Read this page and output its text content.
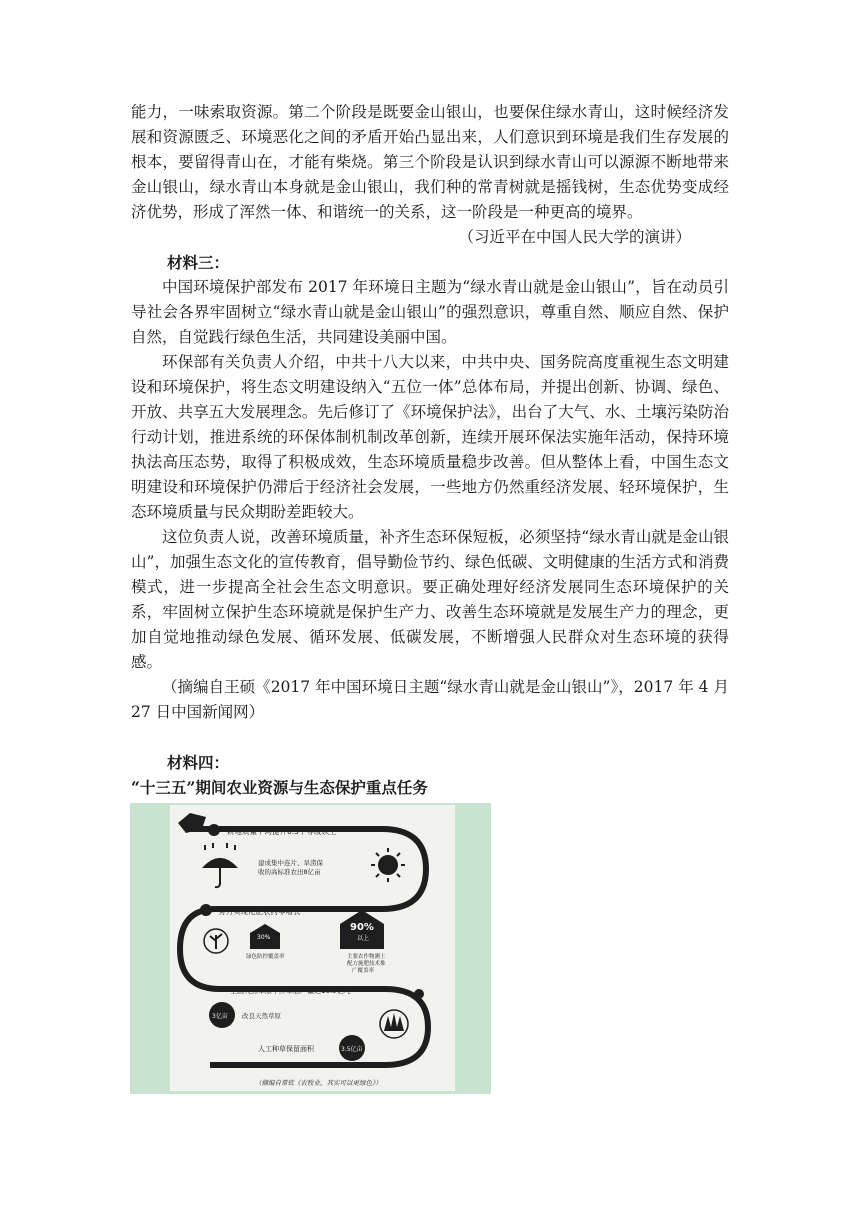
能力，一味索取资源。第二个阶段是既要金山银山，也要保住绿水青山，这时候经济发展和资源匮乏、环境恶化之间的矛盾开始凸显出来，人们意识到环境是我们生存发展的根本，要留得青山在，才能有柴烧。第三个阶段是认识到绿水青山可以源源不断地带来金山银山，绿水青山本身就是金山银山，我们种的常青树就是摇钱树，生态优势变成经济优势，形成了浑然一体、和谐统一的关系，这一阶段是一种更高的境界。

（习近平在中国人民大学的演讲）

材料三：

中国环境保护部发布 2017 年环境日主题为“绿水青山就是金山银山”，旨在动员引导社会各界牢固树立“绿水青山就是金山银山”的强烈意识，尊重自然、顺应自然、保护自然，自觉践行绿色生活，共同建设美丽中国。

环保部有关负责人介绍，中共十八大以来，中共中央、国务院高度重视生态文明建设和环境保护，将生态文明建设纳入“五位一体”总体布局，并提出创新、协调、绿色、开放、共享五大发展理念。先后修订了《环境保护法》，出台了大气、水、土壤污染防治行动计划，推进系统的环保体制机制改革创新，连续开展环保法实施年活动，保持环境执法高压态势，取得了积极成效，生态环境质量稳步改善。但从整体上看，中国生态文明建设和环境保护仍滞后于经济社会发展，一些地方仍然重经济发展、轻环境保护，生态环境质量与民众期盼差距较大。

这位负责人说，改善环境质量，补齐生态环保短板，必须坚持“绿水青山就是金山银山”，加强生态文化的宣传教育，倡导勤俭节约、绿色低碳、文明健康的生活方式和消费模式，进一步提高全社会生态文明意识。要正确处理好经济发展同生态环境保护的关系，牢固树立保护生态环境就是保护生产力、改善生态环境就是发展生产力的理念，更加自觉地推动绿色发展、循环发展、低碳发展，不断增强人民群众对生态环境的获得感。

（摘编自王硕《2017 年中国环境日主题“绿水青山就是金山银山”》，2017 年 4 月 27 日中国新闻网）

材料四：

“十三五”期间农业资源与生态保护重点任务

耕地质量平均提升0.5个等级以上
建成集中连片、旱涝保
收的高标准农田8亿亩
努力实现化肥农药零增长
30%
绿色防控覆盖率
90%
以上
主要农作物测土
配方施肥技术推
广覆盖率
全国天然草原年鲜草总产量达10.5亿吨
3亿亩 改良天然草原
人工种草保留面积	3.5亿亩
（摘编自常钦《农牧业，其实可以更绿色》）
